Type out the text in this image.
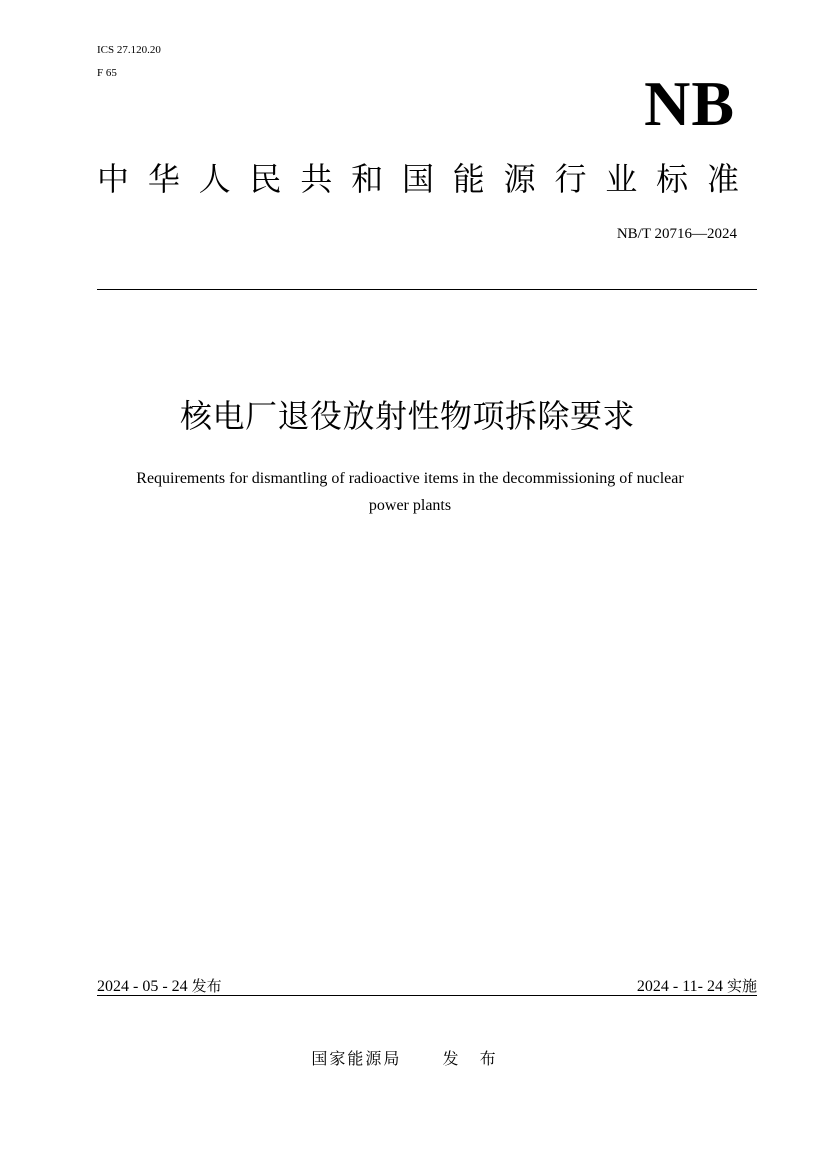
ICS 27.120.20
F 65	NB
中 华 人 民 共 和 国 能 源 行 业 标 准
NB/T 20716—2024
核电厂退役放射性物项拆除要求
Requirements for dismantling of radioactive items in the decommissioning of nuclear
power plants
2024 - 05 - 24 发布	2024 - 11- 24 实施
国家能源局	发 布
